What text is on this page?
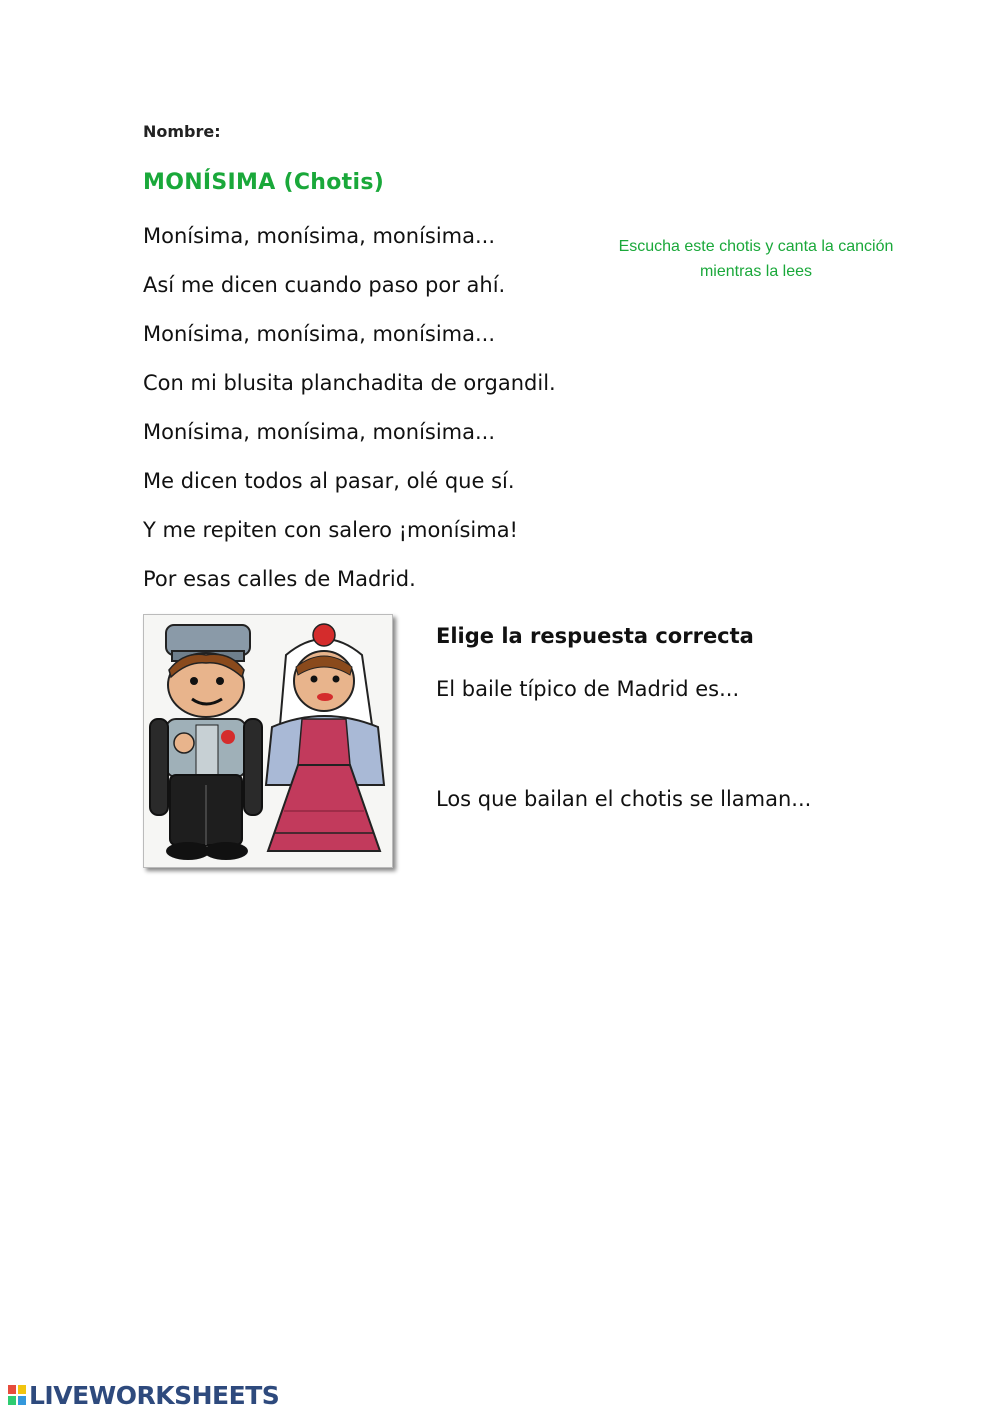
Nombre:
MONÍSIMA (Chotis)
Monísima, monísima, monísima...
Así me dicen cuando paso por ahí.
Monísima, monísima, monísima...
Con mi blusita planchadita de organdil.
Monísima, monísima, monísima...
Me dicen todos al pasar, olé que sí.
Y me repiten con salero ¡monísima!
Por esas calles de Madrid.
Escucha este chotis y canta la canción mientras la lees
Elige la respuesta correcta
El baile típico de Madrid es...
Los que bailan el chotis se llaman...
LIVEWORKSHEETS
